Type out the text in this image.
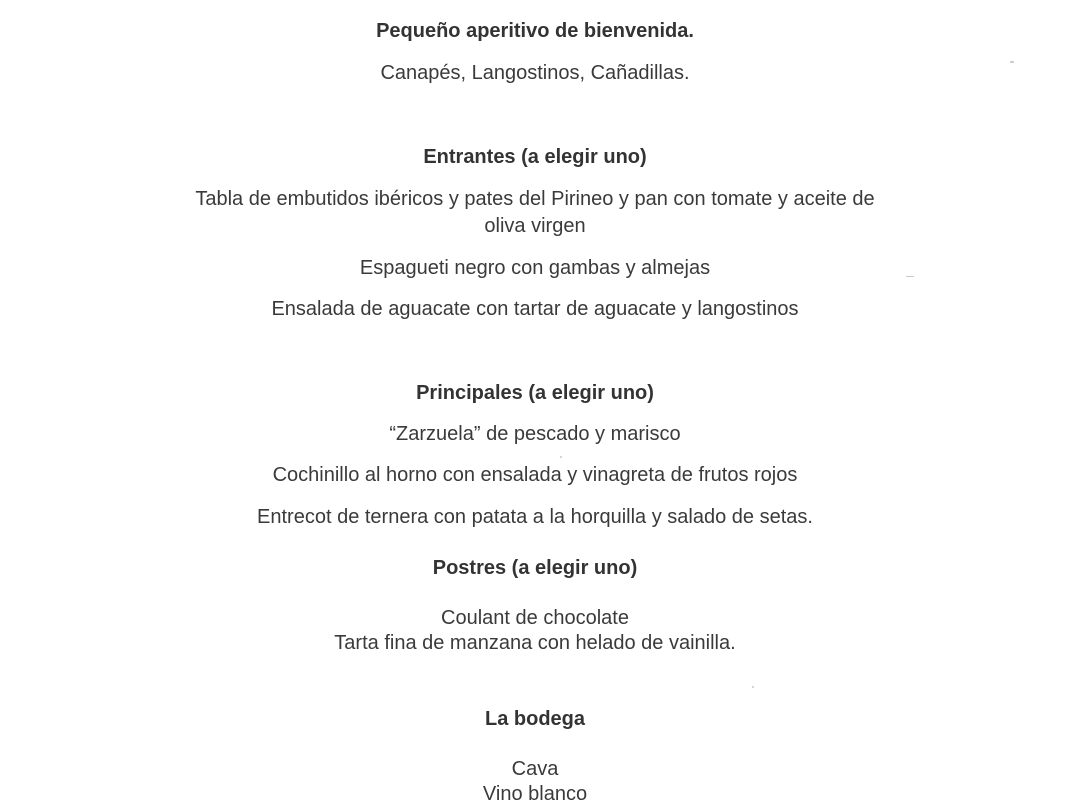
Pequeño aperitivo de bienvenida.
Canapés, Langostinos, Cañadillas.
Entrantes (a elegir uno)
Tabla de embutidos ibéricos y pates del Pirineo y pan con tomate y aceite de
oliva virgen
Espagueti negro con gambas y almejas
Ensalada de aguacate con tartar de aguacate y langostinos
Principales (a elegir uno)
“Zarzuela” de pescado y marisco
Cochinillo al horno con ensalada y vinagreta de frutos rojos
Entrecot de ternera con patata a la horquilla y salado de setas.
Postres (a elegir uno)
Coulant de chocolate
Tarta fina de manzana con helado de vainilla.
La bodega
Cava
Vino blanco
